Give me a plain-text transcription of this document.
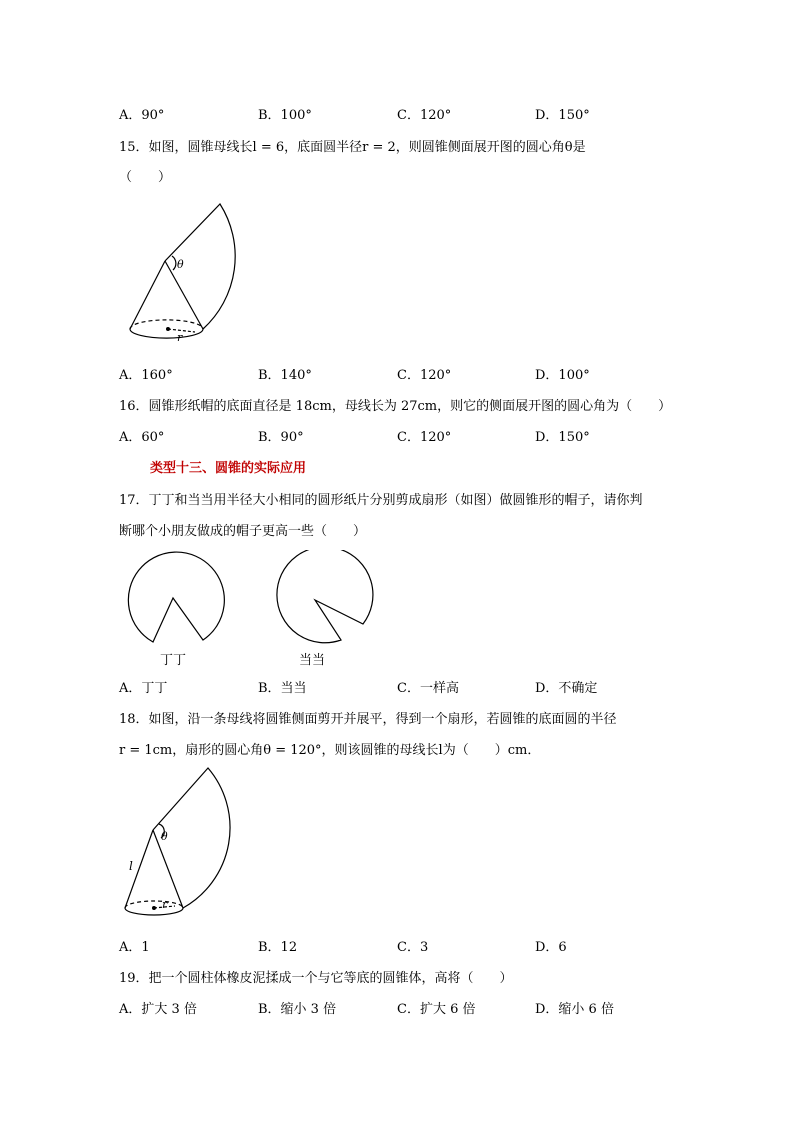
A．90°	B．100°	C．120°	D．150°
15．如图，圆锥母线长l = 6，底面圆半径r = 2，则圆锥侧面展开图的圆心角θ是
（　　）
θ
r
A．160°	B．140°	C．120°	D．100°
16．圆锥形纸帽的底面直径是 18cm，母线长为 27cm，则它的侧面展开图的圆心角为（　　）
A．60°	B．90°	C．120°	D．150°
类型十三、圆锥的实际应用
17．丁丁和当当用半径大小相同的圆形纸片分别剪成扇形（如图）做圆锥形的帽子，请你判
断哪个小朋友做成的帽子更高一些（　　）
丁丁	当当
A．丁丁	B．当当	C．一样高	D．不确定
18．如图，沿一条母线将圆锥侧面剪开并展平，得到一个扇形，若圆锥的底面圆的半径
r = 1cm，扇形的圆心角θ = 120°，则该圆锥的母线长l为（　　）cm．
θ
l
r
A．1	B．12	C．3	D．6
19．把一个圆柱体橡皮泥揉成一个与它等底的圆锥体，高将（　　）
A．扩大 3 倍	B．缩小 3 倍	C．扩大 6 倍	D．缩小 6 倍
